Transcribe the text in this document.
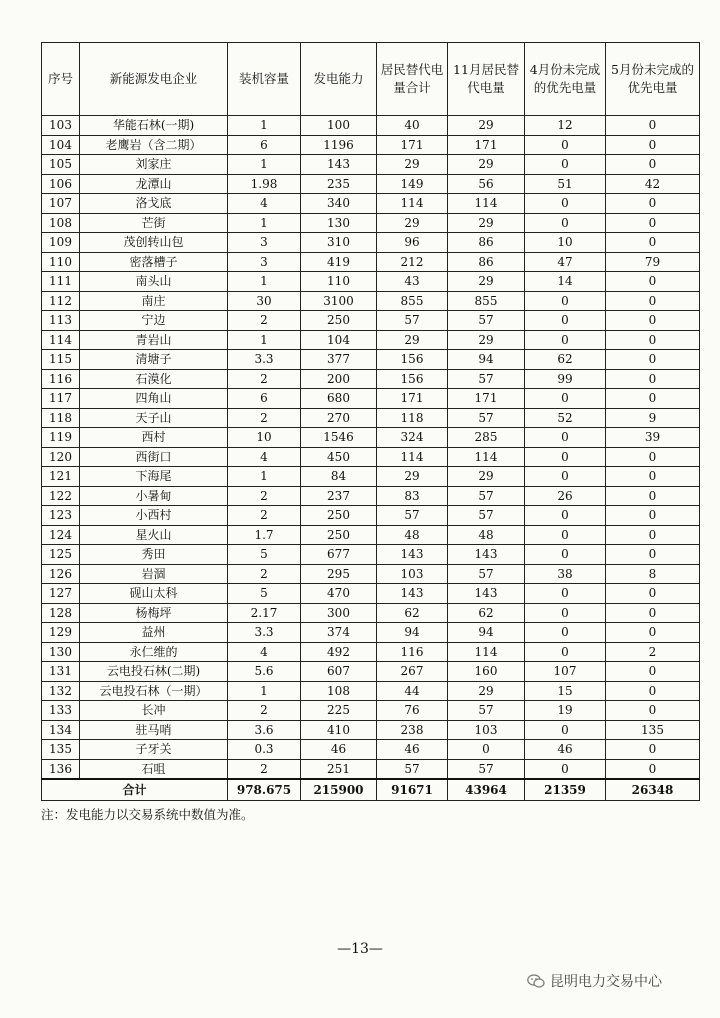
序号	新能源发电企业	装机容量	发电能力	居民替代电量合计	11月居民替代电量	4月份未完成的优先电量	5月份未完成的优先电量
103	华能石林(一期)	1	100	40	29	12	0
104	老鹰岩（含二期）	6	1196	171	171	0	0
105	刘家庄	1	143	29	29	0	0
106	龙潭山	1.98	235	149	56	51	42
107	洛戈底	4	340	114	114	0	0
108	芒街	1	130	29	29	0	0
109	茂创转山包	3	310	96	86	10	0
110	密落槽子	3	419	212	86	47	79
111	南头山	1	110	43	29	14	0
112	南庄	30	3100	855	855	0	0
113	宁边	2	250	57	57	0	0
114	青岩山	1	104	29	29	0	0
115	清塘子	3.3	377	156	94	62	0
116	石漠化	2	200	156	57	99	0
117	四角山	6	680	171	171	0	0
118	天子山	2	270	118	57	52	9
119	西村	10	1546	324	285	0	39
120	西街口	4	450	114	114	0	0
121	下海尾	1	84	29	29	0	0
122	小暑甸	2	237	83	57	26	0
123	小西村	2	250	57	57	0	0
124	星火山	1.7	250	48	48	0	0
125	秀田	5	677	143	143	0	0
126	岩涸	2	295	103	57	38	8
127	砚山太科	5	470	143	143	0	0
128	杨梅坪	2.17	300	62	62	0	0
129	益州	3.3	374	94	94	0	0
130	永仁维的	4	492	116	114	0	2
131	云电投石林(二期)	5.6	607	267	160	107	0
132	云电投石林（一期）	1	108	44	29	15	0
133	长冲	2	225	76	57	19	0
134	驻马哨	3.6	410	238	103	0	135
135	子牙关	0.3	46	46	0	46	0
136	石咀	2	251	57	57	0	0
合计		978.675	215900	91671	43964	21359	26348
注：发电能力以交易系统中数值为准。
—13—
昆明电力交易中心
